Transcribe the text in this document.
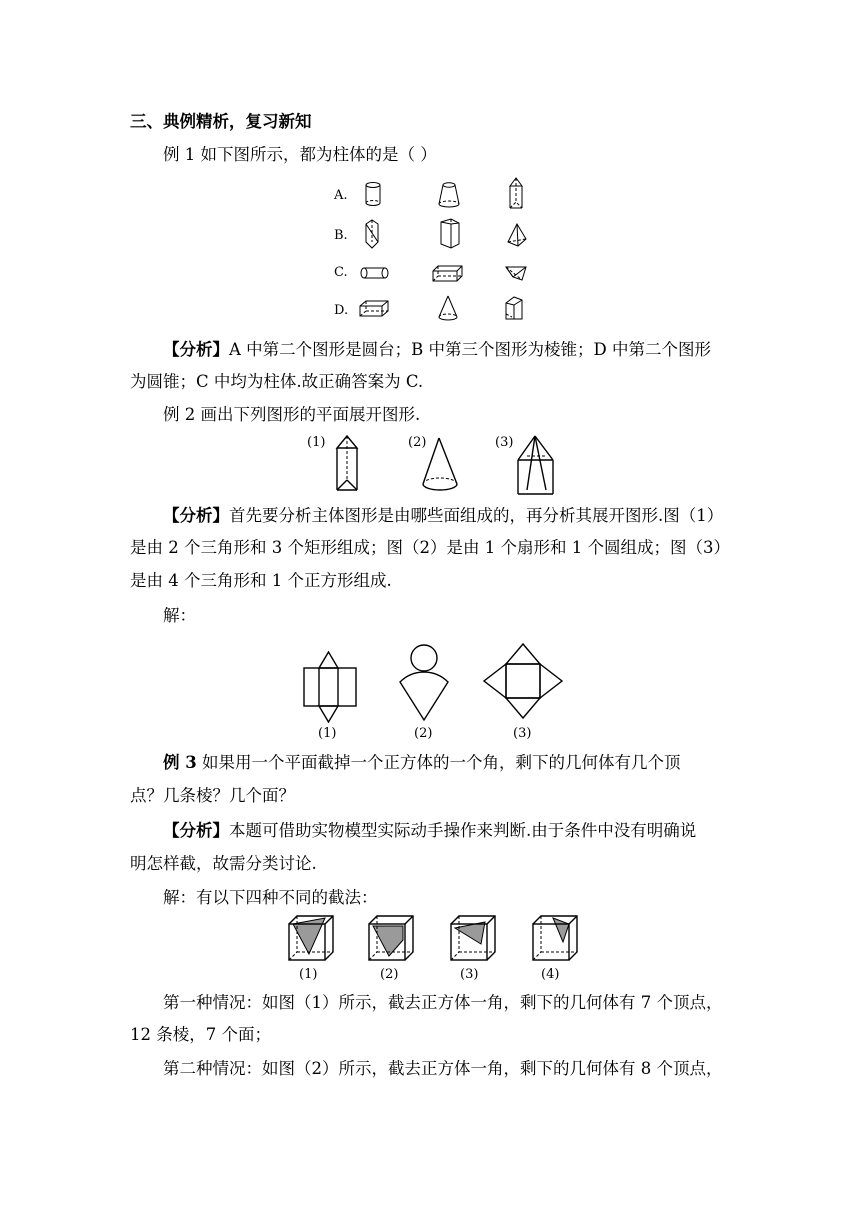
三、典例精析，复习新知
例 1 如下图所示，都为柱体的是（ ）
A.
B.
C.
D.
【分析】A 中第二个图形是圆台；B 中第三个图形为棱锥；D 中第二个图形
为圆锥；C 中均为柱体.故正确答案为 C.
例 2 画出下列图形的平面展开图形.
(1)	(2)	(3)
【分析】首先要分析主体图形是由哪些面组成的，再分析其展开图形.图（1）
是由 2 个三角形和 3 个矩形组成；图（2）是由 1 个扇形和 1 个圆组成；图（3）
是由 4 个三角形和 1 个正方形组成.
解：
(1)	(2)	(3)
例 3 如果用一个平面截掉一个正方体的一个角，剩下的几何体有几个顶
点？几条棱？几个面？
【分析】本题可借助实物模型实际动手操作来判断.由于条件中没有明确说
明怎样截，故需分类讨论.
解：有以下四种不同的截法：
(1)	(2)	(3)	(4)
第一种情况：如图（1）所示，截去正方体一角，剩下的几何体有 7 个顶点，
12 条棱，7 个面；
第二种情况：如图（2）所示，截去正方体一角，剩下的几何体有 8 个顶点，
